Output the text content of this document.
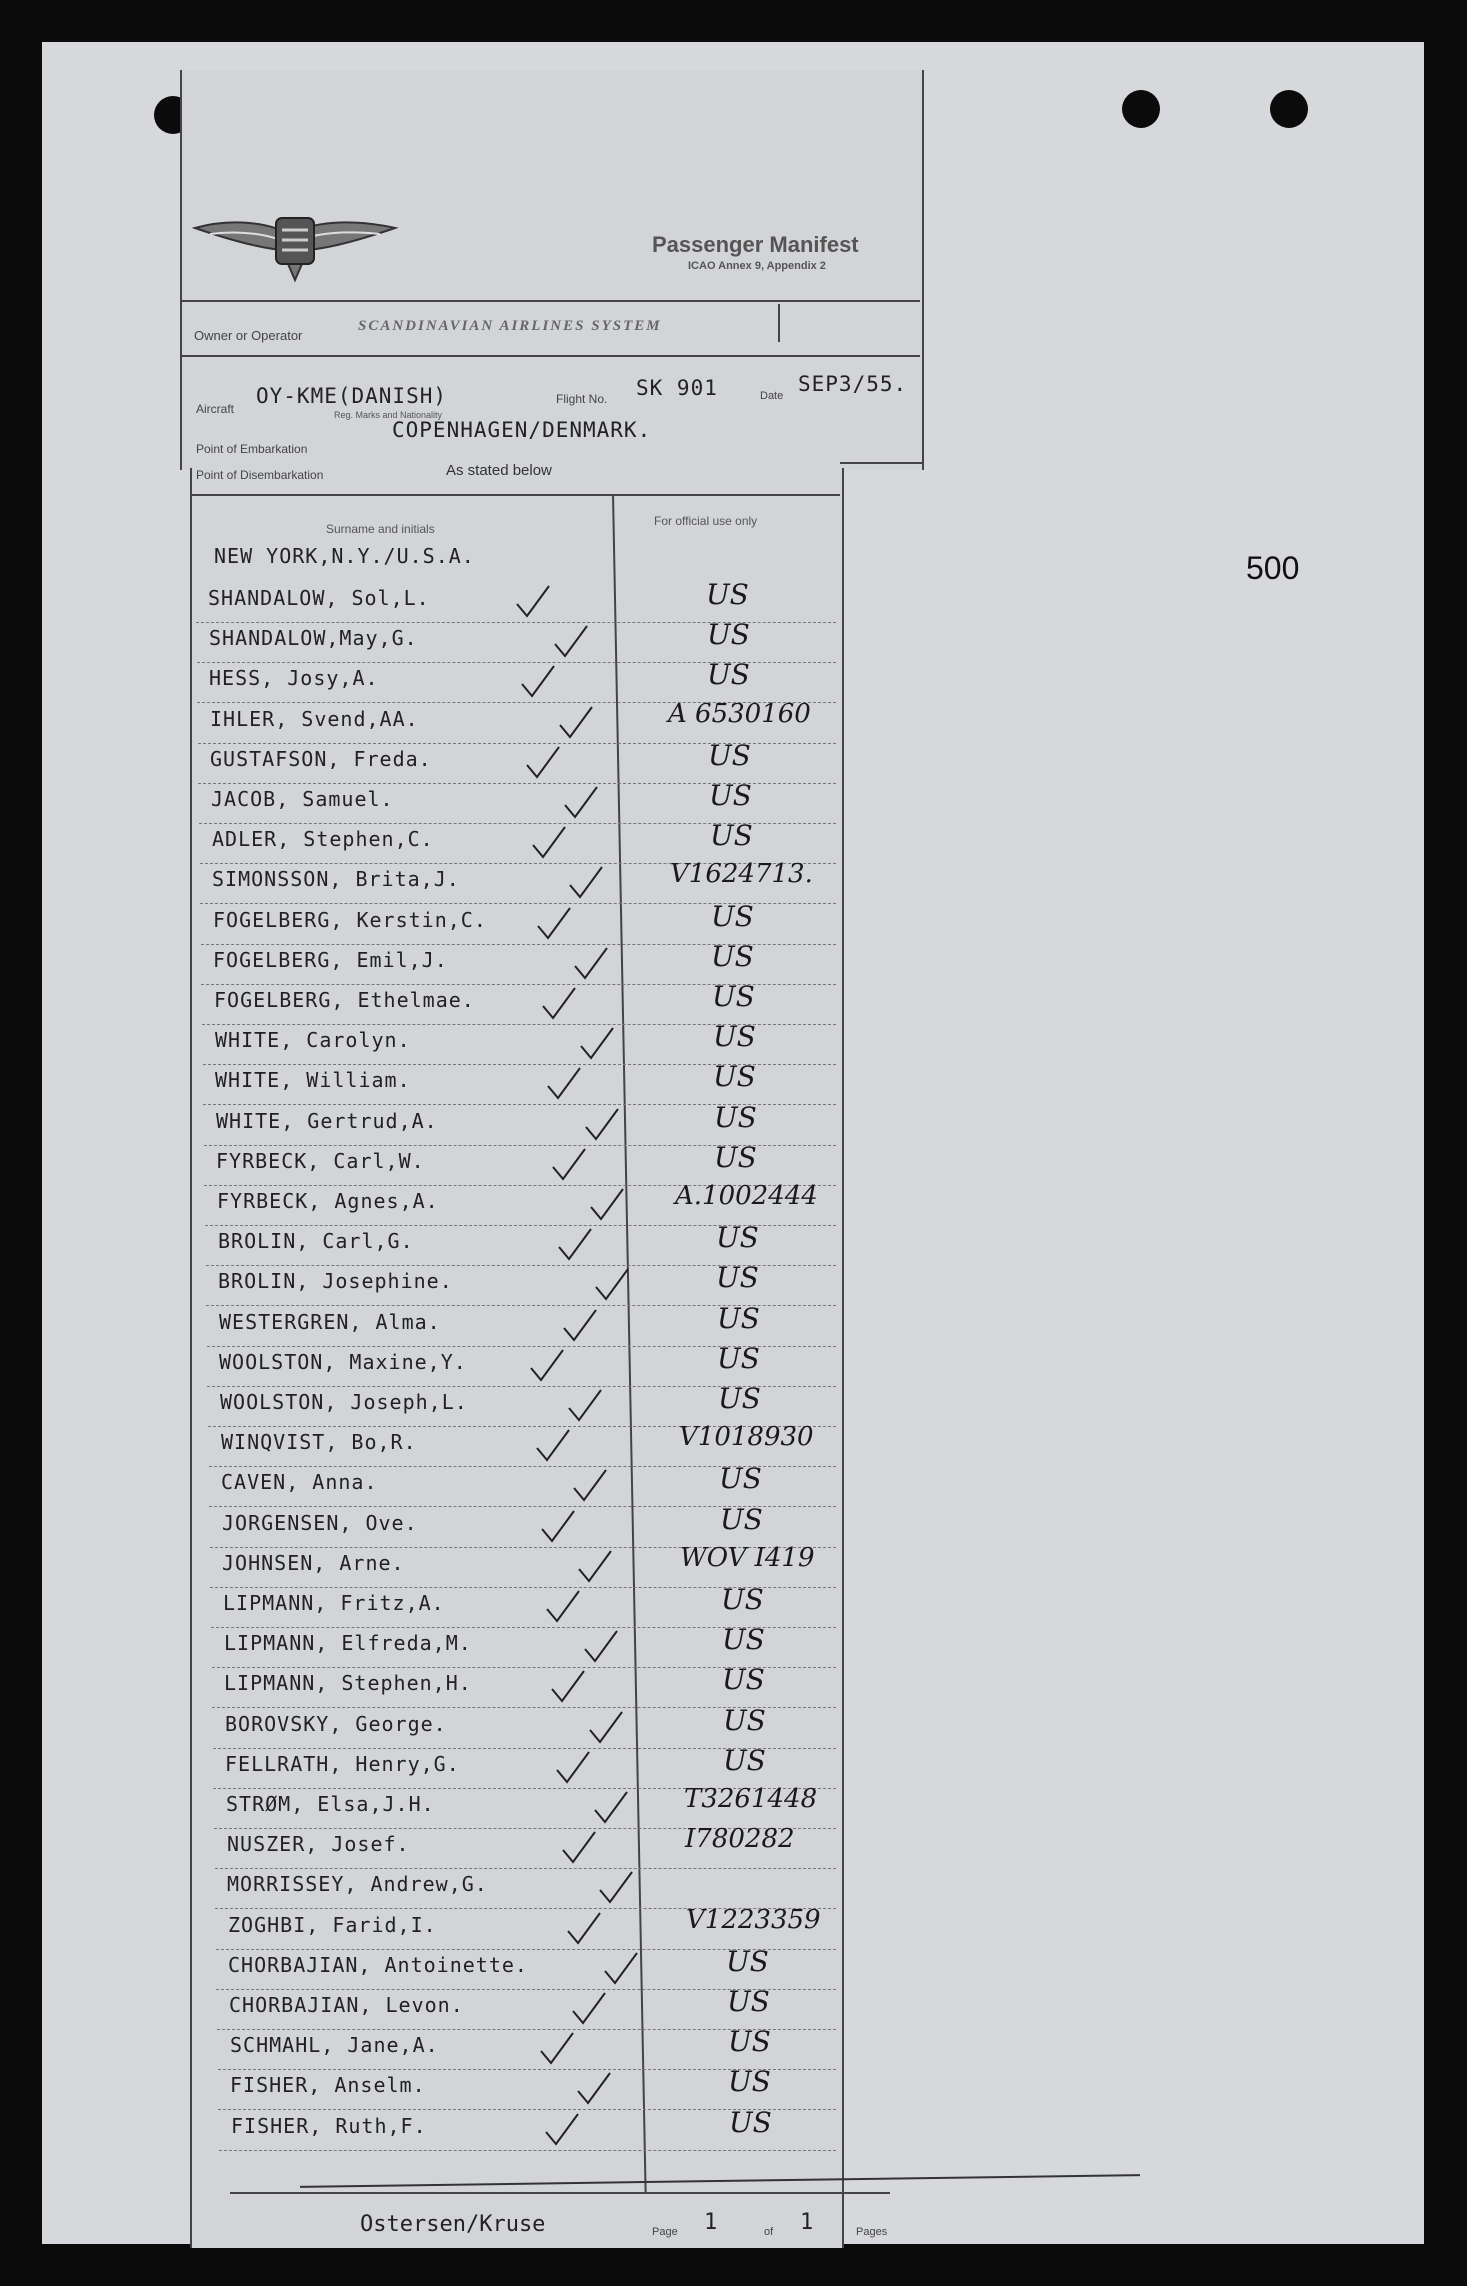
500
Passenger Manifest
ICAO Annex 9, Appendix 2
Owner or Operator
SCANDINAVIAN AIRLINES SYSTEM
Aircraft
OY-KME(DANISH)
Reg. Marks and Nationality
Flight No. SK 901	Date SEP3/55.
Point of Embarkation
COPENHAGEN/DENMARK.
Point of Disembarkation	As stated below
Surname and initials
For official use only
NEW YORK,N.Y./U.S.A.
SHANDALOW, Sol,L.	US
SHANDALOW,May,G.	US
HESS, Josy,A.	US
IHLER, Svend,AA.	A 6530160
GUSTAFSON, Freda.	US
JACOB, Samuel.	US
ADLER, Stephen,C.	US
SIMONSSON, Brita,J.	V1624713.
FOGELBERG, Kerstin,C.	US
FOGELBERG, Emil,J.	US
FOGELBERG, Ethelmae.	US
WHITE, Carolyn.	US
WHITE, William.	US
WHITE, Gertrud,A.	US
FYRBECK, Carl,W.	US
FYRBECK, Agnes,A.	A.1002444
BROLIN, Carl,G.	US
BROLIN, Josephine.	US
WESTERGREN, Alma.	US
WOOLSTON, Maxine,Y.	US
WOOLSTON, Joseph,L.	US
WINQVIST, Bo,R.	V1018930
CAVEN, Anna.	US
JORGENSEN, Ove.	US
JOHNSEN, Arne.	WOV I419
LIPMANN, Fritz,A.	US
LIPMANN, Elfreda,M.	US
LIPMANN, Stephen,H.	US
BOROVSKY, George.	US
FELLRATH, Henry,G.	US
STRØM, Elsa,J.H.	T3261448
NUSZER, Josef.	I780282
MORRISSEY, Andrew,G.
ZOGHBI, Farid,I.	V1223359
CHORBAJIAN, Antoinette.	US
CHORBAJIAN, Levon.	US
SCHMAHL, Jane,A.	US
FISHER, Anselm.	US
FISHER, Ruth,F.	US
Ostersen/Kruse	Page 1	of 1	Pages
